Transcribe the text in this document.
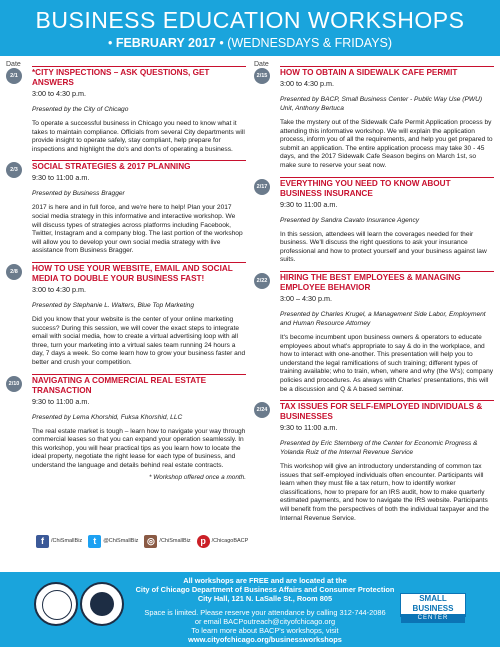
BUSINESS EDUCATION WORKSHOPS
• FEBRUARY 2017 • (WEDNESDAYS & FRIDAYS)
Date
2/1	*CITY INSPECTIONS – ASK QUESTIONS, GET ANSWERS
3:00 to 4:30 p.m.
Presented by the City of Chicago
To operate a successful business in Chicago you need to know what it takes to maintain compliance. Officials from several City departments will provide insight to operate safely, stay compliant, help prepare for inspections and highlight the do's and don'ts of operating a business.
2/3	SOCIAL STRATEGIES & 2017 PLANNING
9:30 to 11:00 a.m.
Presented by Business Bragger
2017 is here and in full force, and we're here to help! Plan your 2017 social media strategy in this informative and interactive workshop. We will discuss types of strategies across platforms including Facebook, Twitter, Instagram and a company blog. The last portion of the workshop will allow you to develop your own social media strategy with live assistance from Business Bragger.
2/8	HOW TO USE YOUR WEBSITE, EMAIL AND SOCIAL MEDIA TO DOUBLE YOUR BUSINESS FAST!
3:00 to 4:30 p.m.
Presented by Stephanie L. Walters, Blue Top Marketing
Did you know that your website is the center of your online marketing success? During this session, we will cover the exact steps to integrate email with social media, how to create a virtual advertising loop with all three, turn your marketing into a virtual sales team running 24 hours a day, 7 days a week. So come learn how to grow your business faster and better and crush your competition.
2/10	NAVIGATING A COMMERCIAL REAL ESTATE TRANSACTION
9:30 to 11:00 a.m.
Presented by Lema Khorshid, Fuksa Khorshid, LLC
The real estate market is tough – learn how to navigate your way through commercial leases so that you can expand your operation seamlessly. In this workshop, you will hear practical tips as you learn how to locate the ideal property, negotiate the right lease for each type of business, and understand the language and details behind real estate contracts.
* Workshop offered once a month.
Date
2/15	HOW TO OBTAIN A SIDEWALK CAFE PERMIT
3:00 to 4:30 p.m.
Presented by BACP, Small Business Center - Public Way Use (PWU) Unit, Anthony Bertuca
Take the mystery out of the Sidewalk Cafe Permit Application process by attending this informative workshop. We will explain the application process, inform you of all the requirements, and help you get prepared to submit an application. The entire application process may take 30 - 45 days, and the 2017 Sidewalk Cafe Season begins on March 1st, so make sure to reserve your seat now.
2/17	EVERYTHING YOU NEED TO KNOW ABOUT BUSINESS INSURANCE
9:30 to 11:00 a.m.
Presented by Sandra Cavato Insurance Agency
In this session, attendees will learn the coverages needed for their business. We'll discuss the right questions to ask your insurance professional and how to protect yourself and your business against law suits.
2/22	HIRING THE BEST EMPLOYEES & MANAGING EMPLOYEE BEHAVIOR
3:00 – 4:30 p.m.
Presented by Charles Krugel, a Management Side Labor, Employment and Human Resource Attorney
It's become incumbent upon business owners & operators to educate employees about what's appropriate to say & do in the workplace, and how to interact with one-another. This presentation will help you to understand the legal ramifications of such training; different types of training available; who to train, when, where and why (the W's); company policies and procedures. As always with Charles' presentations, this will be a discussion and Q & A based seminar.
2/24	TAX ISSUES FOR SELF-EMPLOYED INDIVIDUALS & BUSINESSES
9:30 to 11:00 a.m.
Presented by Eric Sternberg of the Center for Economic Progress & Yolanda Ruiz of the Internal Revenue Service
This workshop will give an introductory understanding of common tax issues that self-employed individuals often encounter. Participants will learn when they must file a tax return, how to identify worker classifications, how to prepare for an IRS audit, how to make quarterly estimated payments, and how to navigate the IRS website. Participants will benefit from the perspectives of both the individual taxpayer and the Internal Revenue Service.
f	/ChiSmallBiz	t	@ChiSmallBiz ◎ /ChiSmallBiz	p	/ChicagoBACP
All workshops are FREE and are located at the
City of Chicago Department of Business Affairs and Consumer Protection
City Hall, 121 N. LaSalle St., Room 805
Space is limited. Please reserve your attendance by calling 312-744-2086
or email BACPoutreach@cityofchicago.org
To learn more about BACP's workshops, visit www.cityofchicago.org/businessworkshops
SMALL BUSINESS
CENTER
